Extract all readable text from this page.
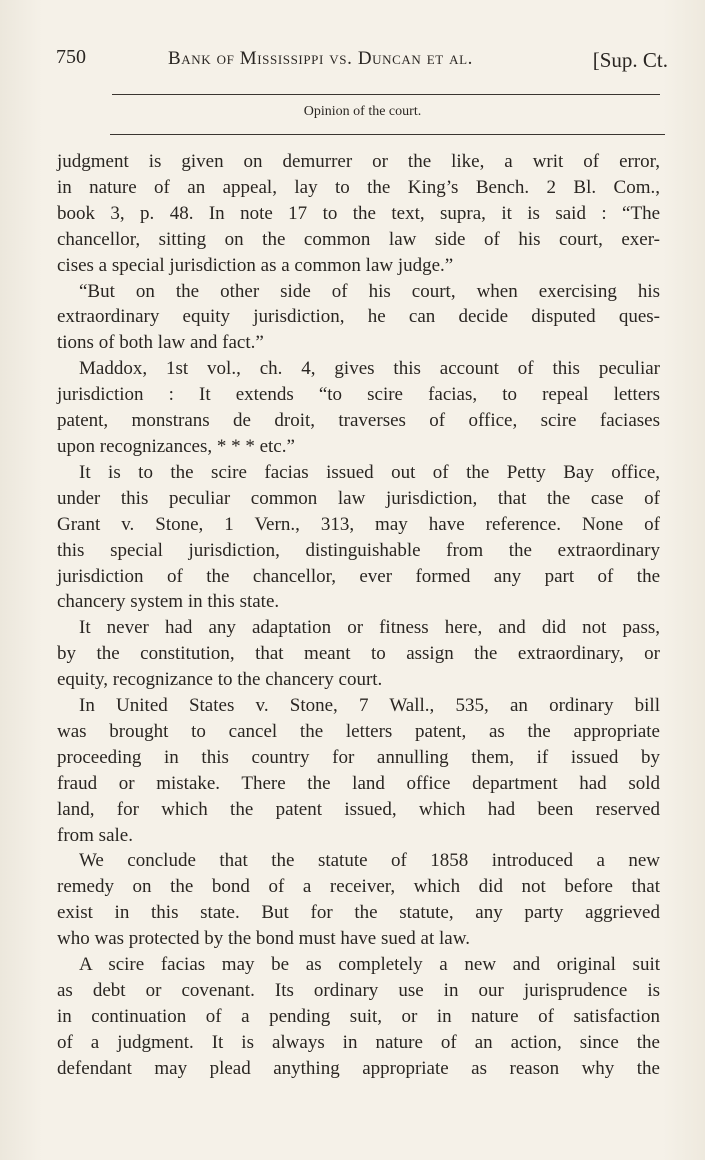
750	Bank of Mississippi vs. Duncan et al.	[Sup. Ct.
Opinion of the court.
judgment is given on demurrer or the like, a writ of error,
in nature of an appeal, lay to the King’s Bench. 2 Bl. Com.,
book 3, p. 48. In note 17 to the text, supra, it is said : “The
chancellor, sitting on the common law side of his court, exer-
cises a special jurisdiction as a common law judge.”
“But on the other side of his court, when exercising his
extraordinary equity jurisdiction, he can decide disputed ques-
tions of both law and fact.”
Maddox, 1st vol., ch. 4, gives this account of this peculiar
jurisdiction : It extends “to scire facias, to repeal letters
patent, monstrans de droit, traverses of office, scire faciases
upon recognizances, * * * etc.”
It is to the scire facias issued out of the Petty Bay office,
under this peculiar common law jurisdiction, that the case of
Grant v. Stone, 1 Vern., 313, may have reference. None of
this special jurisdiction, distinguishable from the extraordinary
jurisdiction of the chancellor, ever formed any part of the
chancery system in this state.
It never had any adaptation or fitness here, and did not pass,
by the constitution, that meant to assign the extraordinary, or
equity, recognizance to the chancery court.
In United States v. Stone, 7 Wall., 535, an ordinary bill
was brought to cancel the letters patent, as the appropriate
proceeding in this country for annulling them, if issued by
fraud or mistake. There the land office department had sold
land, for which the patent issued, which had been reserved
from sale.
We conclude that the statute of 1858 introduced a new
remedy on the bond of a receiver, which did not before that
exist in this state. But for the statute, any party aggrieved
who was protected by the bond must have sued at law.
A scire facias may be as completely a new and original suit
as debt or covenant. Its ordinary use in our jurisprudence is
in continuation of a pending suit, or in nature of satisfaction
of a judgment. It is always in nature of an action, since the
defendant may plead anything appropriate as reason why the
